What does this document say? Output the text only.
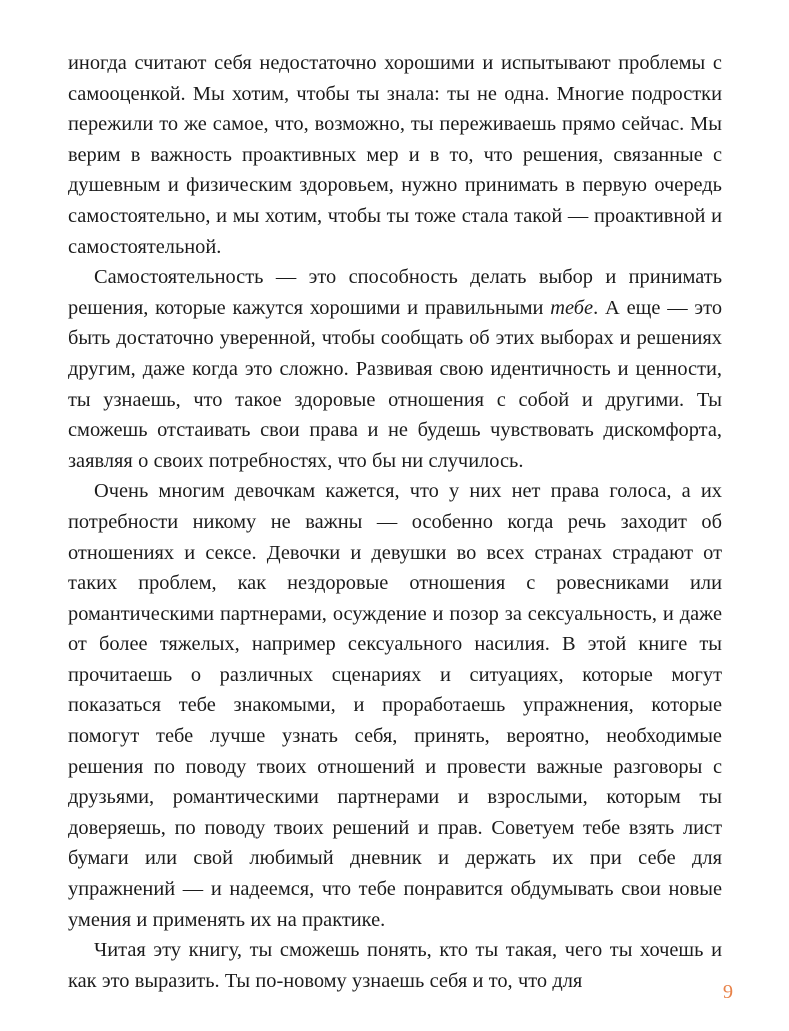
иногда считают себя недостаточно хорошими и испытывают проблемы с самооценкой. Мы хотим, чтобы ты знала: ты не одна. Многие подростки пережили то же самое, что, возможно, ты переживаешь прямо сейчас. Мы верим в важность проактивных мер и в то, что решения, связанные с душевным и физическим здоровьем, нужно принимать в первую очередь самостоятельно, и мы хотим, чтобы ты тоже стала такой — проактивной и самостоятельной.

Самостоятельность — это способность делать выбор и принимать решения, которые кажутся хорошими и правильными тебе. А еще — это быть достаточно уверенной, чтобы сообщать об этих выборах и решениях другим, даже когда это сложно. Развивая свою идентичность и ценности, ты узнаешь, что такое здоровые отношения с собой и другими. Ты сможешь отстаивать свои права и не будешь чувствовать дискомфорта, заявляя о своих потребностях, что бы ни случилось.

Очень многим девочкам кажется, что у них нет права голоса, а их потребности никому не важны — особенно когда речь заходит об отношениях и сексе. Девочки и девушки во всех странах страдают от таких проблем, как нездоровые отношения с ровесниками или романтическими партнерами, осуждение и позор за сексуальность, и даже от более тяжелых, например сексуального насилия. В этой книге ты прочитаешь о различных сценариях и ситуациях, которые могут показаться тебе знакомыми, и проработаешь упражнения, которые помогут тебе лучше узнать себя, принять, вероятно, необходимые решения по поводу твоих отношений и провести важные разговоры с друзьями, романтическими партнерами и взрослыми, которым ты доверяешь, по поводу твоих решений и прав. Советуем тебе взять лист бумаги или свой любимый дневник и держать их при себе для упражнений — и надеемся, что тебе понравится обдумывать свои новые умения и применять их на практике.

Читая эту книгу, ты сможешь понять, кто ты такая, чего ты хочешь и как это выразить. Ты по-новому узнаешь себя и то, что для

9
